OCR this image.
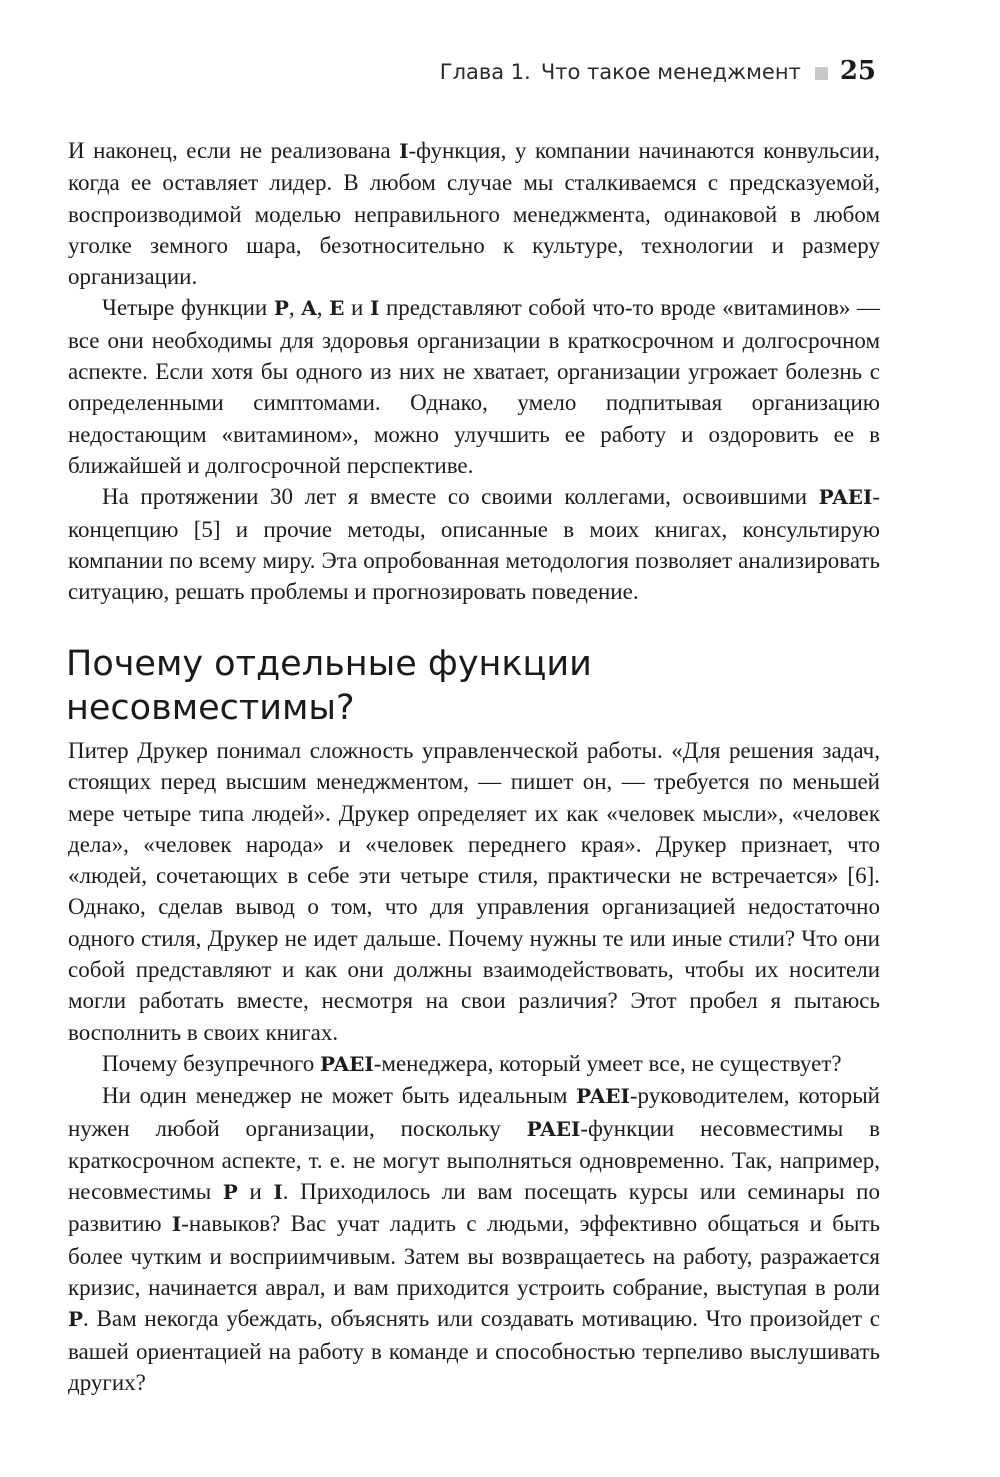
Глава 1. Что такое менеджмент 25

И наконец, если не реализована I-функция, у компании начинаются конвульсии, когда ее оставляет лидер. В любом случае мы сталкиваемся с предсказуемой, воспроизводимой моделью неправильного менеджмента, одинаковой в любом уголке земного шара, безотносительно к культуре, технологии и размеру организации.

Четыре функции P, A, E и I представляют собой что-то вроде «витаминов» — все они необходимы для здоровья организации в краткосрочном и долгосрочном аспекте. Если хотя бы одного из них не хватает, организации угрожает болезнь с определенными симптомами. Однако, умело подпитывая организацию недостающим «витамином», можно улучшить ее работу и оздоровить ее в ближайшей и долгосрочной перспективе.

На протяжении 30 лет я вместе со своими коллегами, освоившими PAEI-концепцию [5] и прочие методы, описанные в моих книгах, консультирую компании по всему миру. Эта опробованная методология позволяет анализировать ситуацию, решать проблемы и прогнозировать поведение.

Почему отдельные функции
несовместимы?

Питер Друкер понимал сложность управленческой работы. «Для решения задач, стоящих перед высшим менеджментом, — пишет он, — требуется по меньшей мере четыре типа людей». Друкер определяет их как «человек мысли», «человек дела», «человек народа» и «человек переднего края». Друкер признает, что «людей, сочетающих в себе эти четыре стиля, практически не встречается» [6]. Однако, сделав вывод о том, что для управления организацией недостаточно одного стиля, Друкер не идет дальше. Почему нужны те или иные стили? Что они собой представляют и как они должны взаимодействовать, чтобы их носители могли работать вместе, несмотря на свои различия? Этот пробел я пытаюсь восполнить в своих книгах.

Почему безупречного PAEI-менеджера, который умеет все, не существует?

Ни один менеджер не может быть идеальным PAEI-руководителем, который нужен любой организации, поскольку PAEI-функции несовместимы в краткосрочном аспекте, т. е. не могут выполняться одновременно. Так, например, несовместимы P и I. Приходилось ли вам посещать курсы или семинары по развитию I-навыков? Вас учат ладить с людьми, эффективно общаться и быть более чутким и восприимчивым. Затем вы возвращаетесь на работу, разражается кризис, начинается аврал, и вам приходится устроить собрание, выступая в роли P. Вам некогда убеждать, объяснять или создавать мотивацию. Что произойдет с вашей ориентацией на работу в команде и способностью терпеливо выслушивать других?
